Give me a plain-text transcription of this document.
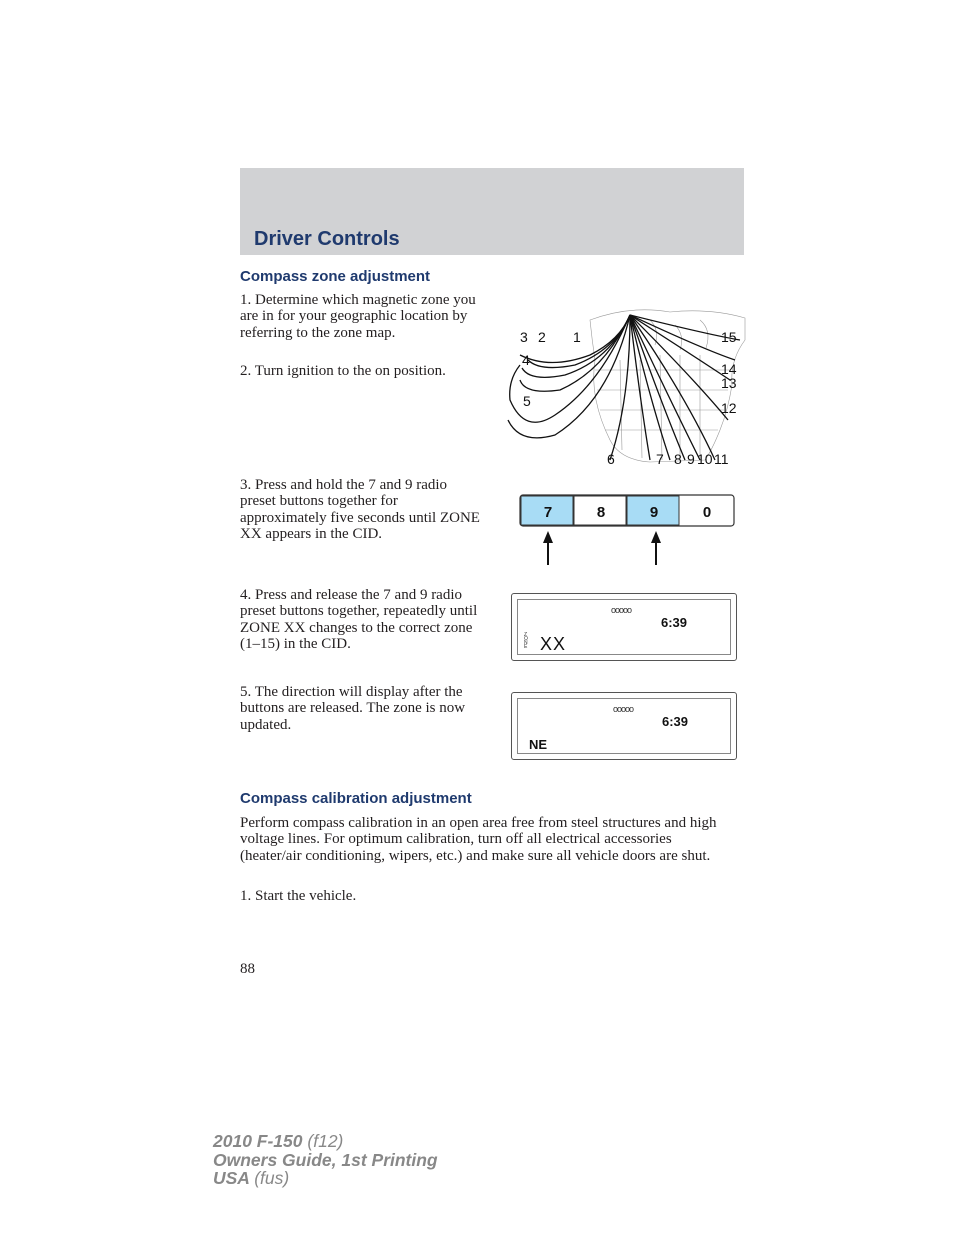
Driver Controls
Compass zone adjustment

1. Determine which magnetic zone you are in for your geographic location by referring to the zone map.

2. Turn ignition to the on position.

3 2 1
4
5
6	7 8 9 10 11
12
13
14
15

3. Press and hold the 7 and 9 radio preset buttons together for approximately five seconds until ZONE XX appears in the CID.

7	8	9	0

4. Press and release the 7 and 9 radio preset buttons together, repeatedly until ZONE XX changes to the correct zone (1–15) in the CID.

ooooo
6:39
ZONE XX

5. The direction will display after the buttons are released. The zone is now updated.

ooooo
6:39
NE
Compass calibration adjustment

Perform compass calibration in an open area free from steel structures and high voltage lines. For optimum calibration, turn off all electrical accessories (heater/air conditioning, wipers, etc.) and make sure all vehicle doors are shut.

1. Start the vehicle.

88
2010 F-150 (f12)
Owners Guide, 1st Printing
USA (fus)
